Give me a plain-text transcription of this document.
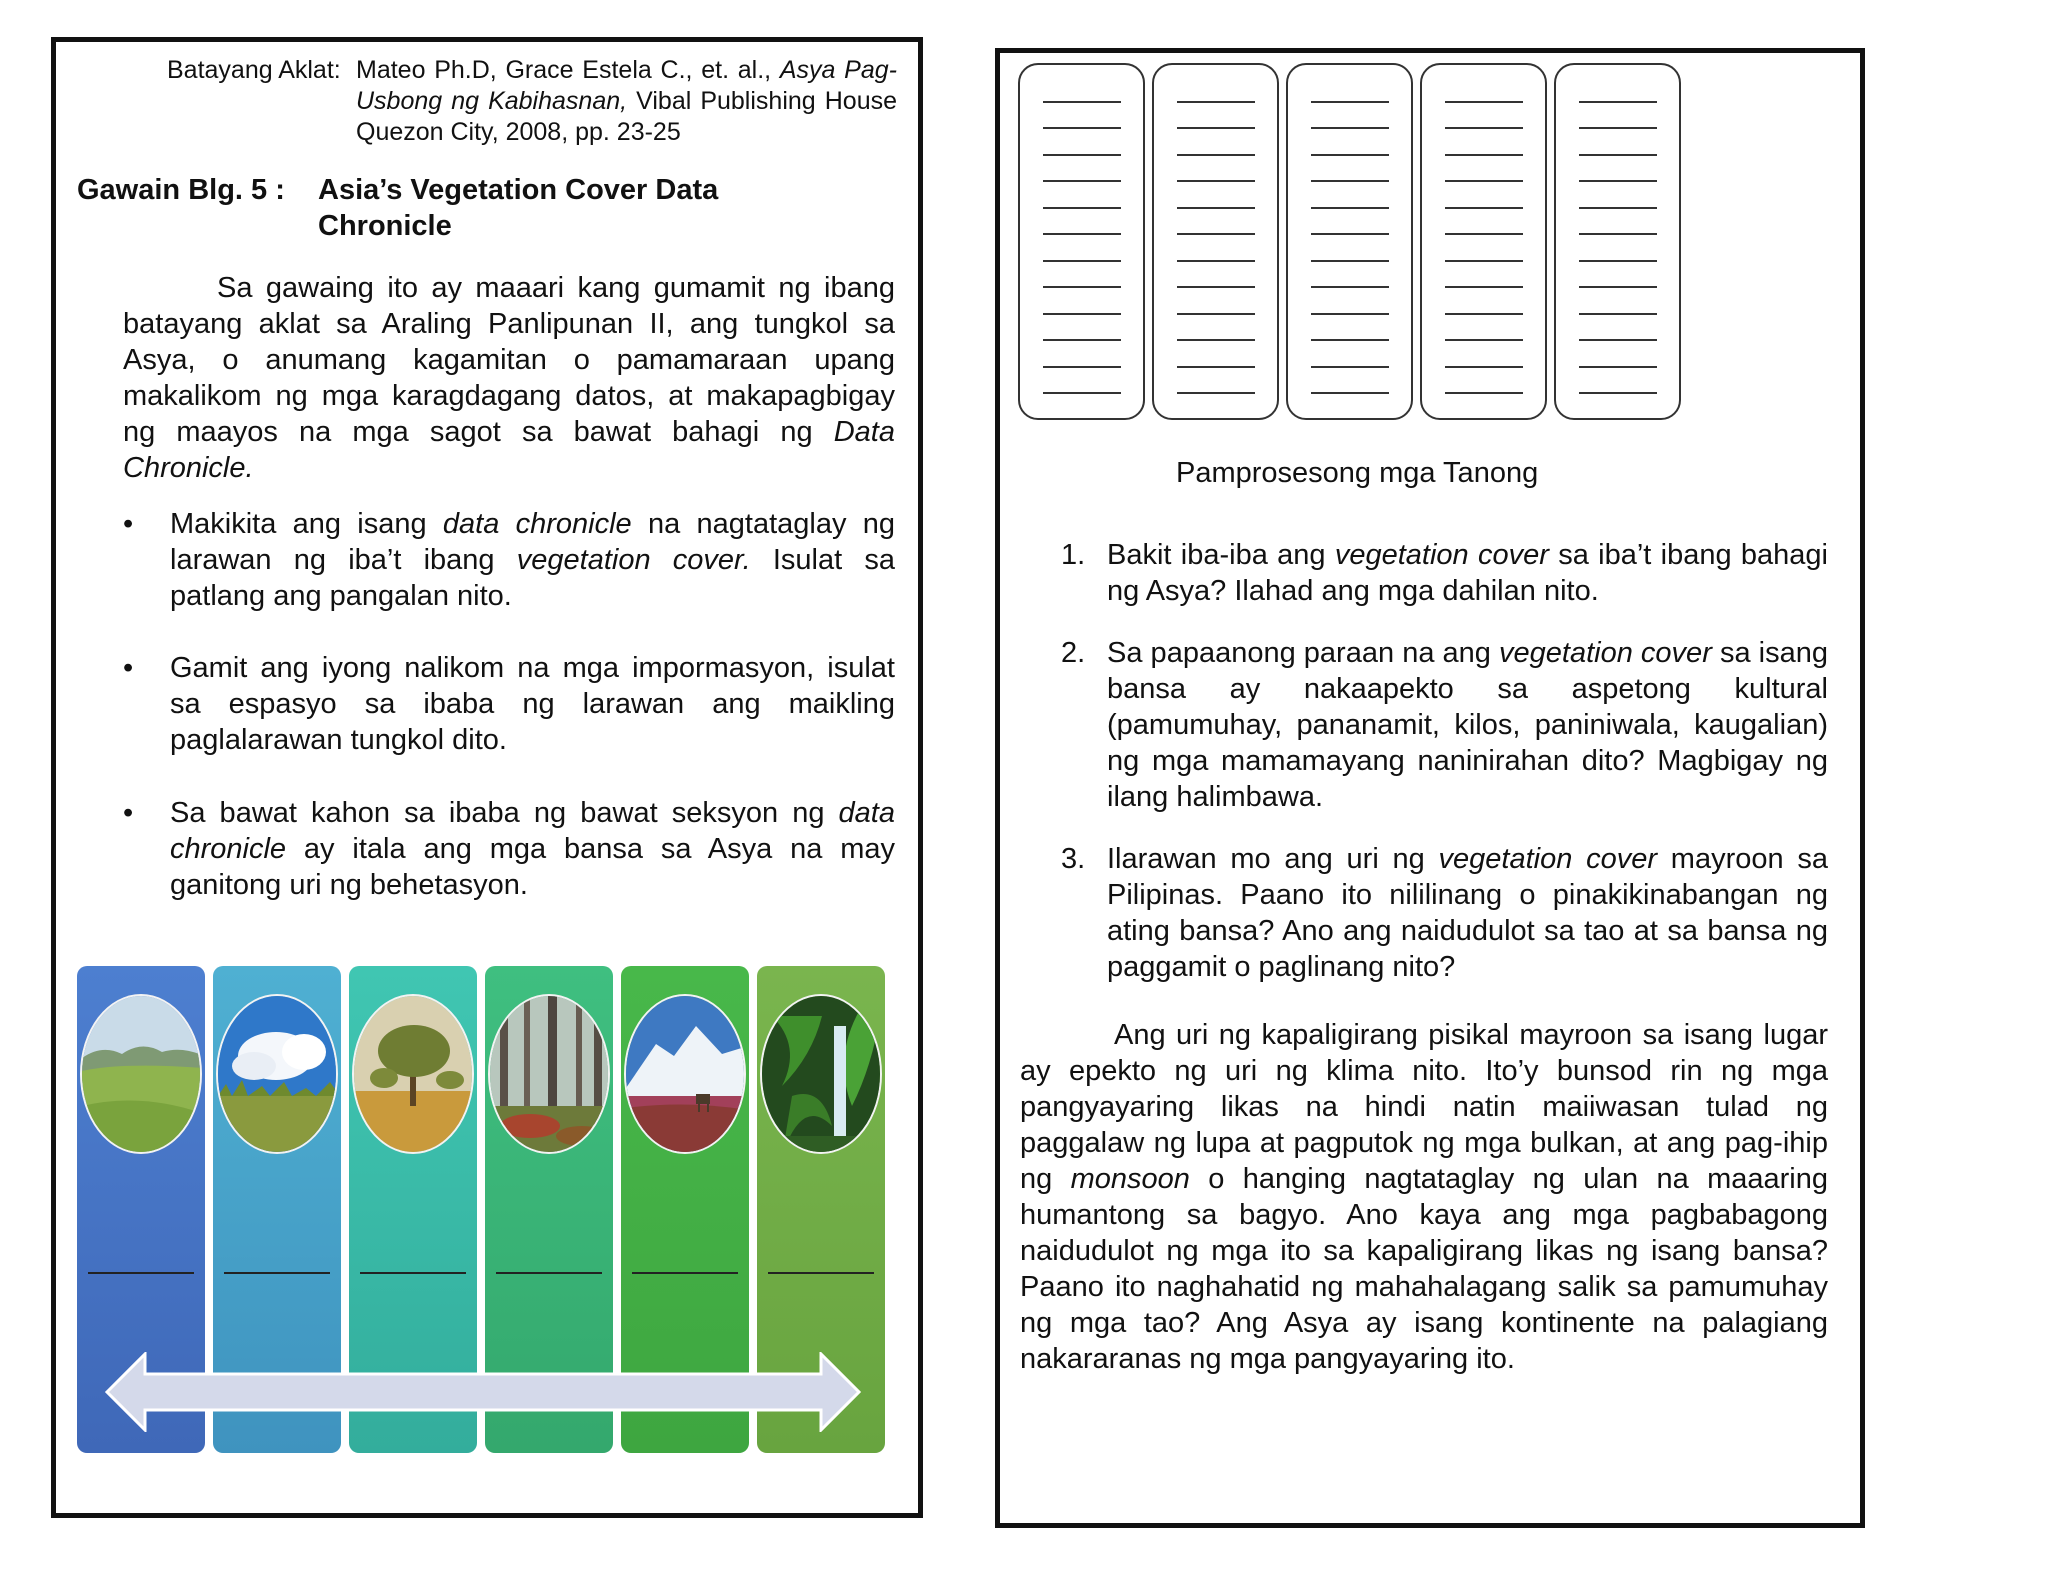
Batayang Aklat: Mateo Ph.D, Grace Estela C., et. al., Asya Pag-Usbong ng Kabihasnan, Vibal Publishing House Quezon City, 2008, pp. 23-25
Gawain Blg. 5 : Asia’s Vegetation Cover Data Chronicle

Sa gawaing ito ay maaari kang gumamit ng ibang batayang aklat sa Araling Panlipunan II, ang tungkol sa Asya, o anumang kagamitan o pamamaraan upang makalikom ng mga karagdagang datos, at makapagbigay ng maayos na mga sagot sa bawat bahagi ng Data Chronicle.

• Makikita ang isang data chronicle na nagtataglay ng larawan ng iba’t ibang vegetation cover. Isulat sa patlang ang pangalan nito.
• Gamit ang iyong nalikom na mga impormasyon, isulat sa espasyo sa ibaba ng larawan ang maikling paglalarawan tungkol dito.
• Sa bawat kahon sa ibaba ng bawat seksyon ng data chronicle ay itala ang mga bansa sa Asya na may ganitong uri ng behetasyon.
Pamprosesong mga Tanong
1. Bakit iba-iba ang vegetation cover sa iba’t ibang bahagi ng Asya? Ilahad ang mga dahilan nito.
2. Sa papaanong paraan na ang vegetation cover sa isang bansa ay nakaapekto sa aspetong kultural (pamumuhay, pananamit, kilos, paniniwala, kaugalian) ng mga mamamayang naninirahan dito? Magbigay ng ilang halimbawa.
3. Ilarawan mo ang uri ng vegetation cover mayroon sa Pilipinas. Paano ito nililinang o pinakikinabangan ng ating bansa? Ano ang naidudulot sa tao at sa bansa ng paggamit o paglinang nito?

Ang uri ng kapaligirang pisikal mayroon sa isang lugar ay epekto ng uri ng klima nito. Ito’y bunsod rin ng mga pangyayaring likas na hindi natin maiiwasan tulad ng paggalaw ng lupa at pagputok ng mga bulkan, at ang pag-ihip ng monsoon o hanging nagtataglay ng ulan na maaaring humantong sa bagyo. Ano kaya ang mga pagbabagong naidudulot ng mga ito sa kapaligirang likas ng isang bansa? Paano ito naghahatid ng mahahalagang salik sa pamumuhay ng mga tao? Ang Asya ay isang kontinente na palagiang nakararanas ng mga pangyayaring ito.
